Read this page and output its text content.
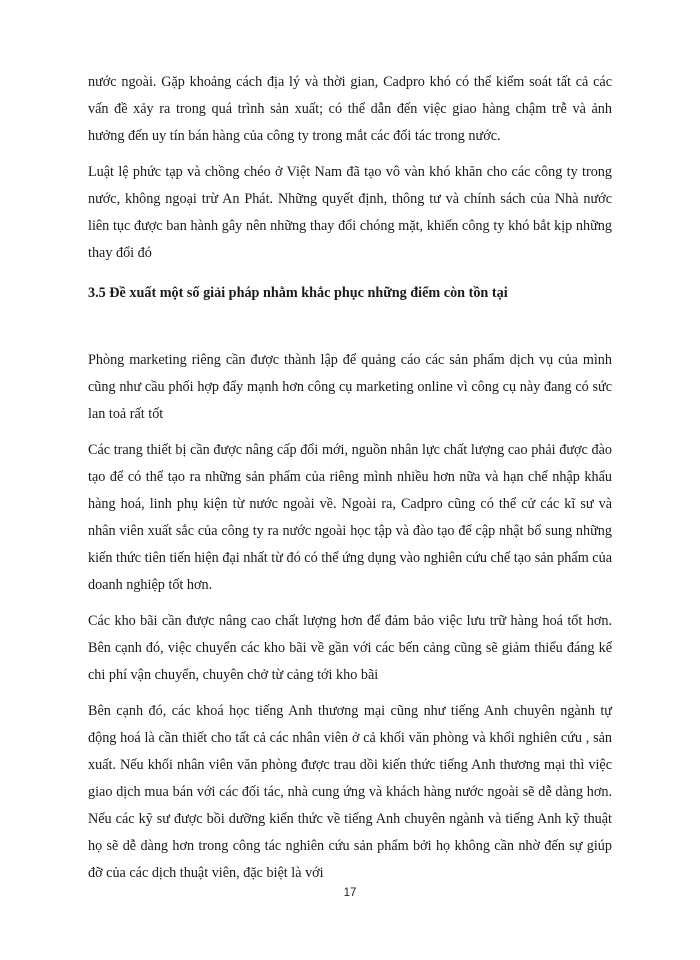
nước ngoài. Gặp khoảng cách địa lý và thời gian, Cadpro khó có thể kiểm soát tất cả các vấn đề xảy ra trong quá trình sản xuất; có thể dẫn đến việc giao hàng chậm trễ và ảnh hưởng đến uy tín bán hàng của công ty trong mắt các đối tác trong nước.

Luật lệ phức tạp và chồng chéo ở Việt Nam đã tạo vô vàn khó khăn cho các công ty trong nước, không ngoại trừ An Phát. Những quyết định, thông tư và chính sách của Nhà nước liên tục được ban hành gây nên những thay đổi chóng mặt, khiến công ty khó bắt kịp những thay đổi đó

3.5 Đề xuất một số giải pháp nhằm khắc phục những điểm còn tồn tại

Phòng marketing riêng cần được thành lập để quảng cáo các sản phẩm dịch vụ của mình cũng như cầu phối hợp đẩy mạnh hơn công cụ marketing online vì công cụ này đang có sức lan toả rất tốt

Các trang thiết bị cần được nâng cấp đổi mới, nguồn nhân lực chất lượng cao phải được đào tạo để có thể tạo ra những sản phẩm của riêng mình nhiều hơn nữa và hạn chế nhập khẩu hàng hoá, linh phụ kiện từ nước ngoài về. Ngoài ra, Cadpro cũng có thể cử các kĩ sư và nhân viên xuất sắc của công ty ra nước ngoài học tập và đào tạo để cập nhật bổ sung những kiến thức tiên tiến hiện đại nhất từ đó có thể ứng dụng vào nghiên cứu chế tạo sản phẩm của doanh nghiệp tốt hơn.

Các kho bãi cần được nâng cao chất lượng hơn để đảm bảo việc lưu trữ hàng hoá tốt hơn. Bên cạnh đó, việc chuyển các kho bãi về gần với các bến cảng cũng sẽ giảm thiểu đáng kể chi phí vận chuyển, chuyên chở từ cảng tới kho bãi

Bên cạnh đó, các khoá học tiếng Anh thương mại cũng như tiếng Anh chuyên ngành tự động hoá là cần thiết cho tất cả các nhân viên ở cả khối văn phòng và khối nghiên cứu , sản xuất. Nếu khối nhân viên văn phòng được trau dồi kiến thức tiếng Anh thương mại thì việc giao dịch mua bán với các đối tác, nhà cung ứng và khách hàng nước ngoài sẽ dễ dàng hơn. Nếu các kỹ sư được bồi dưỡng kiến thức về tiếng Anh chuyên ngành và tiếng Anh kỹ thuật họ sẽ dễ dàng hơn trong công tác nghiên cứu sản phẩm bởi họ không cần nhờ đến sự giúp đỡ của các dịch thuật viên, đặc biệt là với

17
